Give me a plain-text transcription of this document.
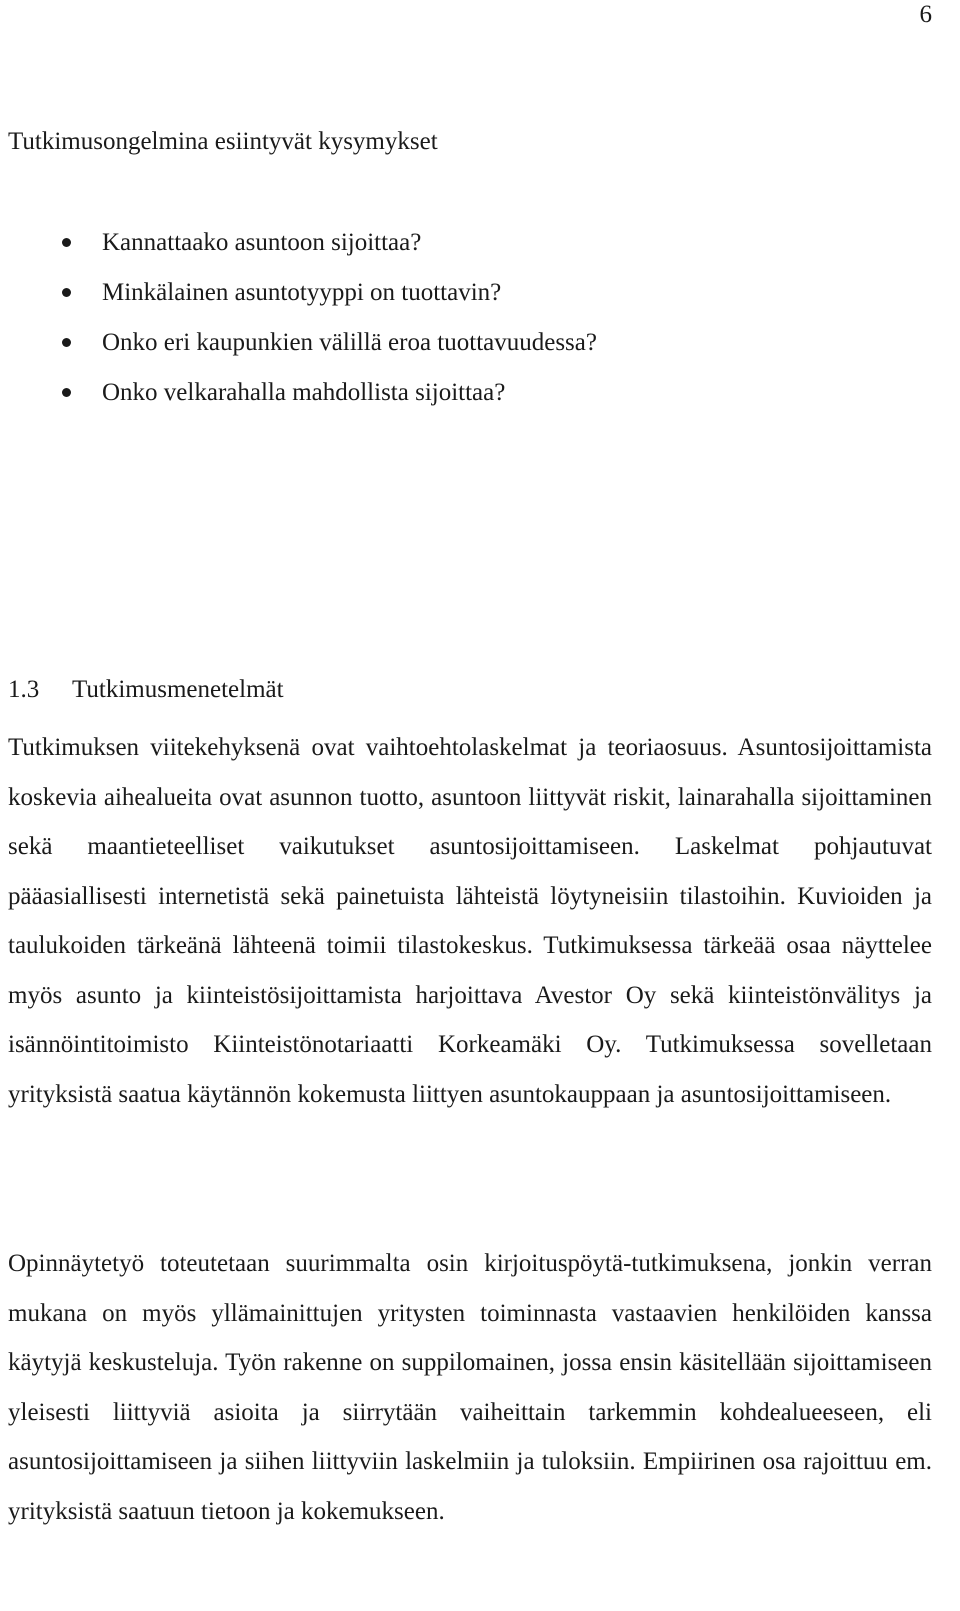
6
Tutkimusongelmina esiintyvät kysymykset
Kannattaako asuntoon sijoittaa?
Minkälainen asuntotyyppi on tuottavin?
Onko eri kaupunkien välillä eroa tuottavuudessa?
Onko velkarahalla mahdollista sijoittaa?
1.3 Tutkimusmenetelmät

Tutkimuksen viitekehyksenä ovat vaihtoehtolaskelmat ja teoriaosuus. Asuntosijoittamista koskevia aihealueita ovat asunnon tuotto, asuntoon liittyvät riskit, lainarahalla sijoittaminen sekä maantieteelliset vaikutukset asuntosijoittamiseen. Laskelmat pohjautuvat pääasiallisesti internetistä sekä painetuista lähteistä löytyneisiin tilastoihin. Kuvioiden ja taulukoiden tärkeänä lähteenä toimii tilastokeskus. Tutkimuksessa tärkeää osaa näyttelee myös asunto ja kiinteistösijoittamista harjoittava Avestor Oy sekä kiinteistönvälitys ja isännöintitoimisto Kiinteistönotariaatti Korkeamäki Oy. Tutkimuksessa sovelletaan yrityksistä saatua käytännön kokemusta liittyen asuntokauppaan ja asuntosijoittamiseen.

Opinnäytetyö toteutetaan suurimmalta osin kirjoituspöytä-tutkimuksena, jonkin verran mukana on myös yllämainittujen yritysten toiminnasta vastaavien henkilöiden kanssa käytyjä keskusteluja. Työn rakenne on suppilomainen, jossa ensin käsitellään sijoittamiseen yleisesti liittyviä asioita ja siirrytään vaiheittain tarkemmin kohdealueeseen, eli asuntosijoittamiseen ja siihen liittyviin laskelmiin ja tuloksiin. Empiirinen osa rajoittuu em. yrityksistä saatuun tietoon ja kokemukseen.
